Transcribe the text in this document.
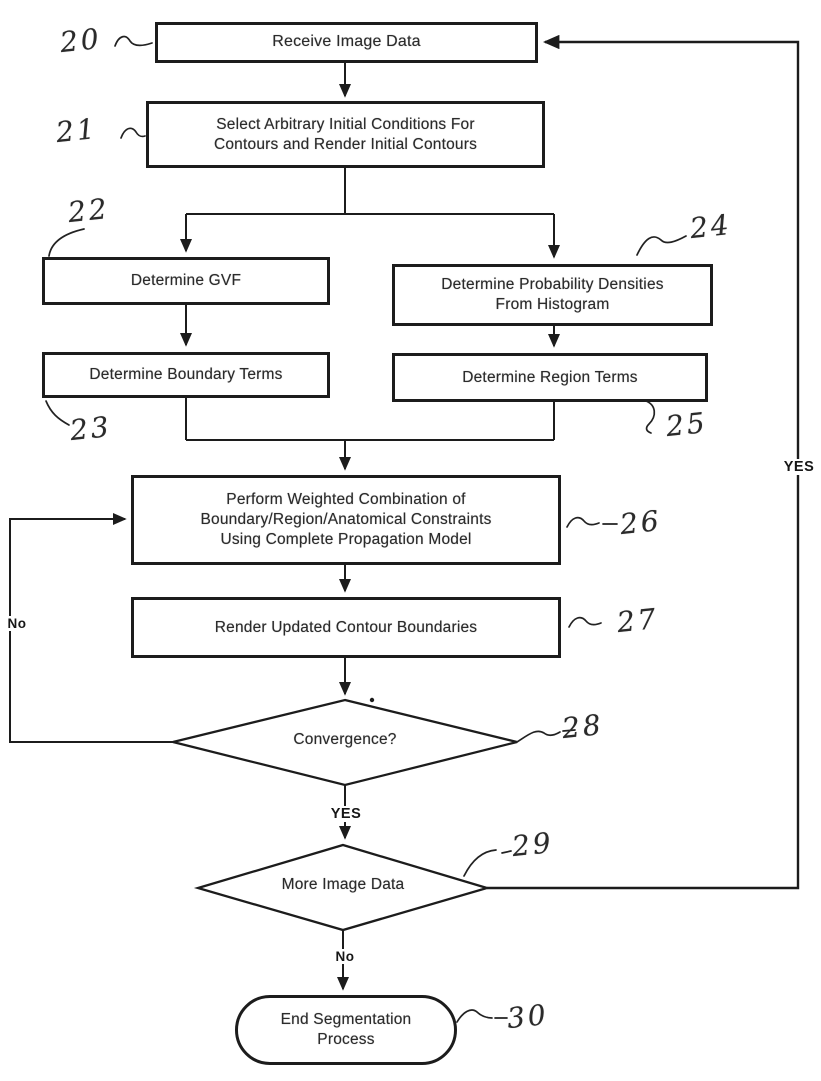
Receive Image Data
Select Arbitrary Initial Conditions For
Contours and Render Initial Contours
Determine GVF	Determine Probability Densities
From Histogram
Determine Boundary Terms	Determine Region Terms
Perform Weighted Combination of
Boundary/Region/Anatomical Constraints
Using Complete Propagation Model
Render Updated Contour Boundaries
Convergence?
More Image Data
End Segmentation
Process
20
21
22	24
23	25
26
27
28
29
30
No
YES
YES
No
